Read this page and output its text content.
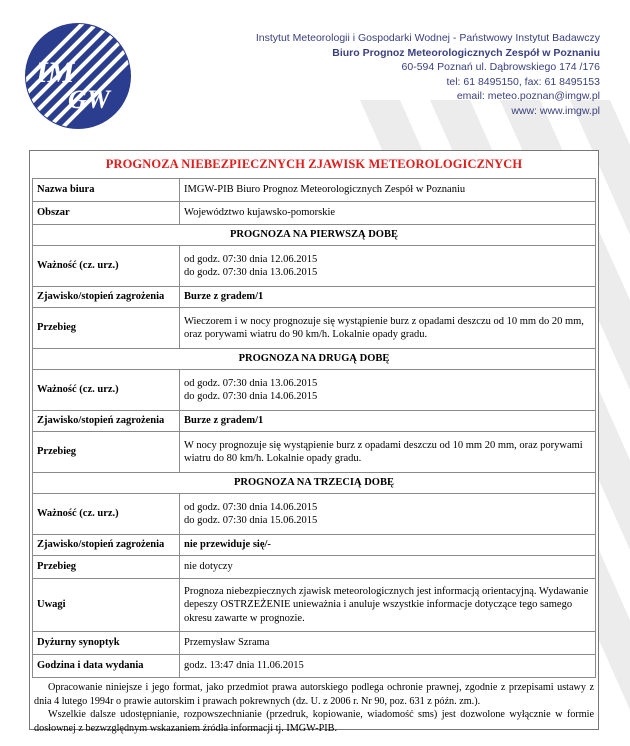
IM
GW
Instytut Meteorologii i Gospodarki Wodnej - Państwowy Instytut Badawczy
Biuro Prognoz Meteorologicznych Zespół w Poznaniu
60-594 Poznań ul. Dąbrowskiego 174 /176
tel: 61 8495150, fax: 61 8495153
email: meteo.poznan@imgw.pl
www: www.imgw.pl
PROGNOZA NIEBEZPIECZNYCH ZJAWISK METEOROLOGICZNYCH
Nazwa biura	IMGW-PIB Biuro Prognoz Meteorologicznych Zespół w Poznaniu
Obszar	Województwo kujawsko-pomorskie
PROGNOZA NA PIERWSZĄ DOBĘ	
Ważność (cz. urz.)	od godz. 07:30 dnia 12.06.2015
do godz. 07:30 dnia 13.06.2015

Zjawisko/stopień zagrożenia	Burze z gradem/1
Przebieg	Wieczorem i w nocy prognozuje się wystąpienie burz z opadami deszczu od 10 mm do 20 mm, oraz porywami wiatru do 90 km/h. Lokalnie opady gradu.
PROGNOZA NA DRUGĄ DOBĘ	
Ważność (cz. urz.)	od godz. 07:30 dnia 13.06.2015
do godz. 07:30 dnia 14.06.2015

Zjawisko/stopień zagrożenia	Burze z gradem/1
Przebieg	W nocy prognozuje się wystąpienie burz z opadami deszczu od 10 mm 20 mm, oraz porywami wiatru do 80 km/h. Lokalnie opady gradu.
PROGNOZA NA TRZECIĄ DOBĘ	
Ważność (cz. urz.)	od godz. 07:30 dnia 14.06.2015
do godz. 07:30 dnia 15.06.2015

Zjawisko/stopień zagrożenia	nie przewiduje się/-
Przebieg	nie dotyczy
Uwagi	Prognoza niebezpiecznych zjawisk meteorologicznych jest informacją orientacyjną. Wydawanie depeszy OSTRZEŻENIE unieważnia i anuluje wszystkie informacje dotyczące tego samego okresu zawarte w prognozie.
Dyżurny synoptyk	Przemysław Szrama
Godzina i data wydania	godz. 13:47 dnia 11.06.2015

Opracowanie niniejsze i jego format, jako przedmiot prawa autorskiego podlega ochronie prawnej, zgodnie z przepisami ustawy z dnia 4 lutego 1994r o prawie autorskim i prawach pokrewnych (dz. U. z 2006 r. Nr 90, poz. 631 z późn. zm.).

Wszelkie dalsze udostępnianie, rozpowszechnianie (przedruk, kopiowanie, wiadomość sms) jest dozwolone wyłącznie w formie dosłownej z bezwzględnym wskazaniem źródła informacji tj. IMGW-PIB.
